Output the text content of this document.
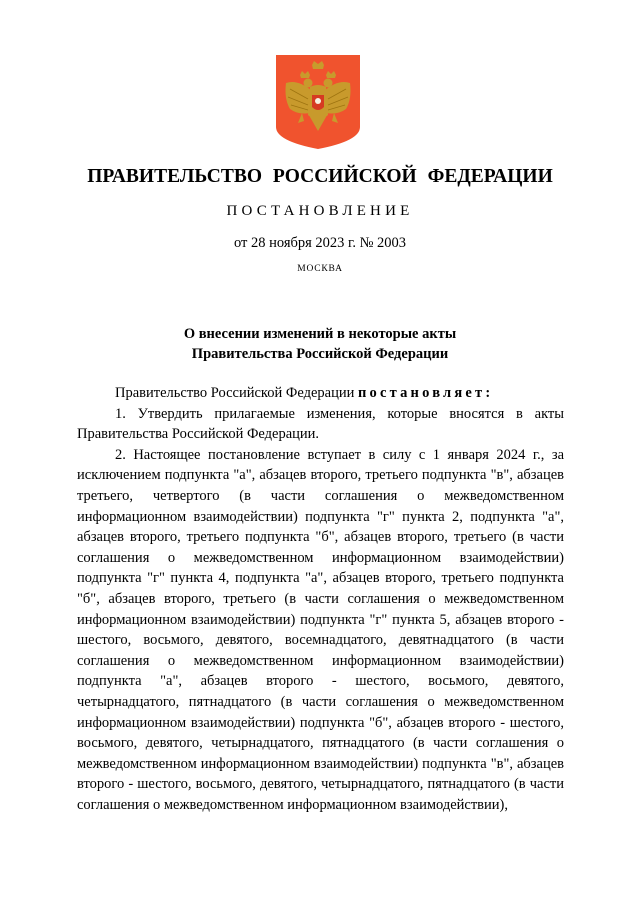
ПРАВИТЕЛЬСТВО РОССИЙСКОЙ ФЕДЕРАЦИИ
ПОСТАНОВЛЕНИЕ
от 28 ноября 2023 г. № 2003
МОСКВА
О внесении изменений в некоторые акты
Правительства Российской Федерации

Правительство Российской Федерации постановляет:

1. Утвердить прилагаемые изменения, которые вносятся в акты Правительства Российской Федерации.

2. Настоящее постановление вступает в силу с 1 января 2024 г., за исключением подпункта "а", абзацев второго, третьего подпункта "в", абзацев третьего, четвертого (в части соглашения о межведомственном информационном взаимодействии) подпункта "г" пункта 2, подпункта "а", абзацев второго, третьего подпункта "б", абзацев второго, третьего (в части соглашения о межведомственном информационном взаимодействии) подпункта "г" пункта 4, подпункта "а", абзацев второго, третьего подпункта "б", абзацев второго, третьего (в части соглашения о межведомственном информационном взаимодействии) подпункта "г" пункта 5, абзацев второго - шестого, восьмого, девятого, восемнадцатого, девятнадцатого (в части соглашения о межведомственном информационном взаимодействии) подпункта "а", абзацев второго - шестого, восьмого, девятого, четырнадцатого, пятнадцатого (в части соглашения о межведомственном информационном взаимодействии) подпункта "б", абзацев второго - шестого, восьмого, девятого, четырнадцатого, пятнадцатого (в части соглашения о межведомственном информационном взаимодействии) подпункта "в", абзацев второго - шестого, восьмого, девятого, четырнадцатого, пятнадцатого (в части соглашения о межведомственном информационном взаимодействии),
